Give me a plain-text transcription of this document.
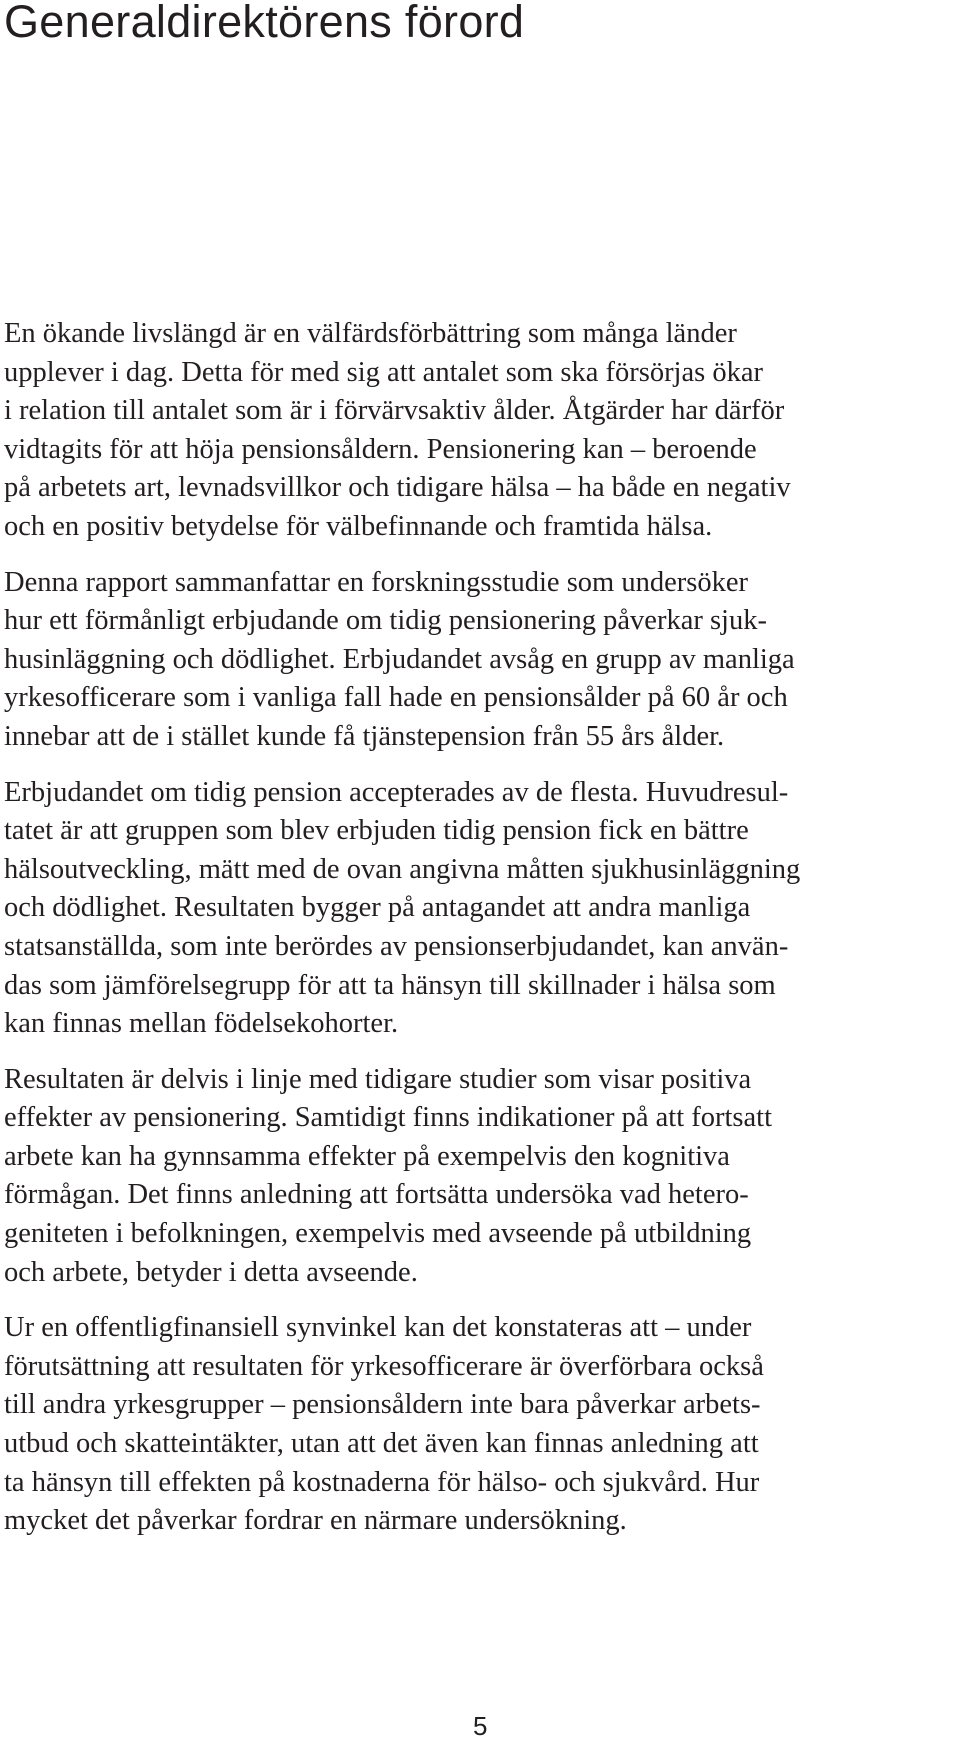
Generaldirektörens förord
En ökande livslängd är en välfärdsförbättring som många länder
upplever i dag. Detta för med sig att antalet som ska försörjas ökar
i relation till antalet som är i förvärvsaktiv ålder. Åtgärder har därför
vidtagits för att höja pensionsåldern. Pensionering kan – beroende
på arbetets art, levnadsvillkor och tidigare hälsa – ha både en negativ
och en positiv betydelse för välbefinnande och framtida hälsa.
Denna rapport sammanfattar en forskningsstudie som undersöker
hur ett förmånligt erbjudande om tidig pensionering påverkar sjuk-
husinläggning och dödlighet. Erbjudandet avsåg en grupp av manliga
yrkesofficerare som i vanliga fall hade en pensionsålder på 60 år och
innebar att de i stället kunde få tjänstepension från 55 års ålder.
Erbjudandet om tidig pension accepterades av de flesta. Huvudresul-
tatet är att gruppen som blev erbjuden tidig pension fick en bättre
hälsoutveckling, mätt med de ovan angivna måtten sjukhusinläggning
och dödlighet. Resultaten bygger på antagandet att andra manliga
statsanställda, som inte berördes av pensionserbjudandet, kan använ-
das som jämförelsegrupp för att ta hänsyn till skillnader i hälsa som
kan finnas mellan födelsekohorter.
Resultaten är delvis i linje med tidigare studier som visar positiva
effekter av pensionering. Samtidigt finns indikationer på att fortsatt
arbete kan ha gynnsamma effekter på exempelvis den kognitiva
förmågan. Det finns anledning att fortsätta undersöka vad hetero-
geniteten i befolkningen, exempelvis med avseende på utbildning
och arbete, betyder i detta avseende.
Ur en offentligfinansiell synvinkel kan det konstateras att – under
förutsättning att resultaten för yrkesofficerare är överförbara också
till andra yrkesgrupper – pensionsåldern inte bara påverkar arbets-
utbud och skatteintäkter, utan att det även kan finnas anledning att
ta hänsyn till effekten på kostnaderna för hälso- och sjukvård. Hur
mycket det påverkar fordrar en närmare undersökning.
5
